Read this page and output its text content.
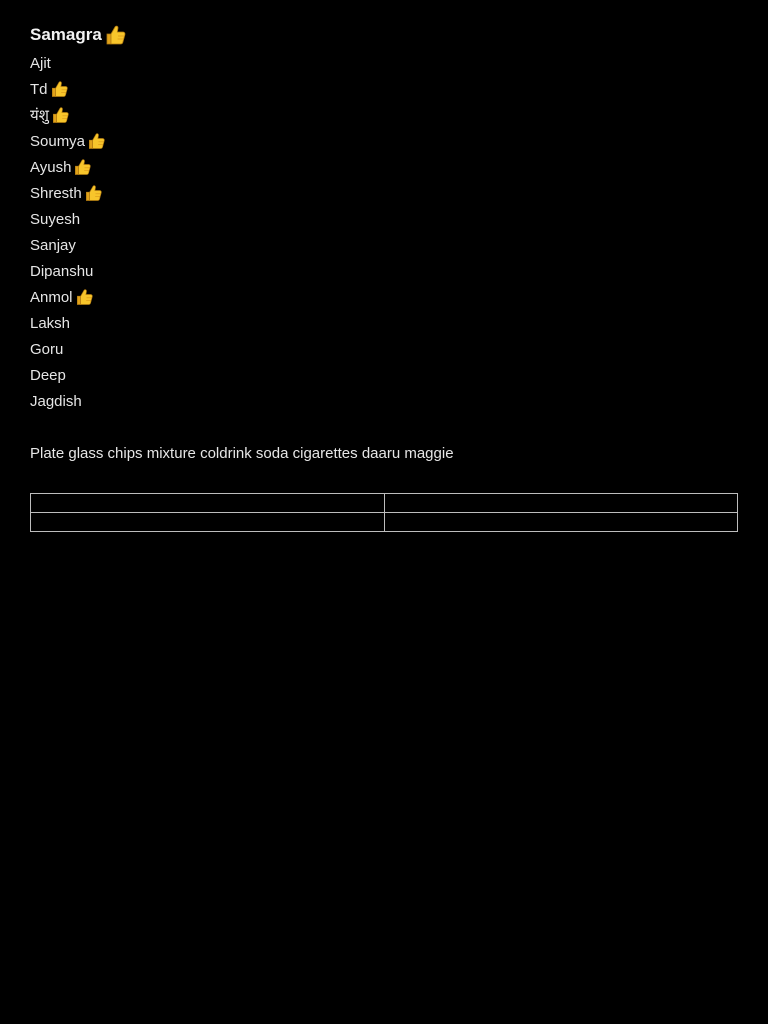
Samagra
Ajit
Td
यंशु
Soumya
Ayush
Shresth
Suyesh
Sanjay
Dipanshu
Anmol
Laksh
Goru
Deep
Jagdish
Plate glass chips mixture coldrink soda cigarettes daaru maggie
